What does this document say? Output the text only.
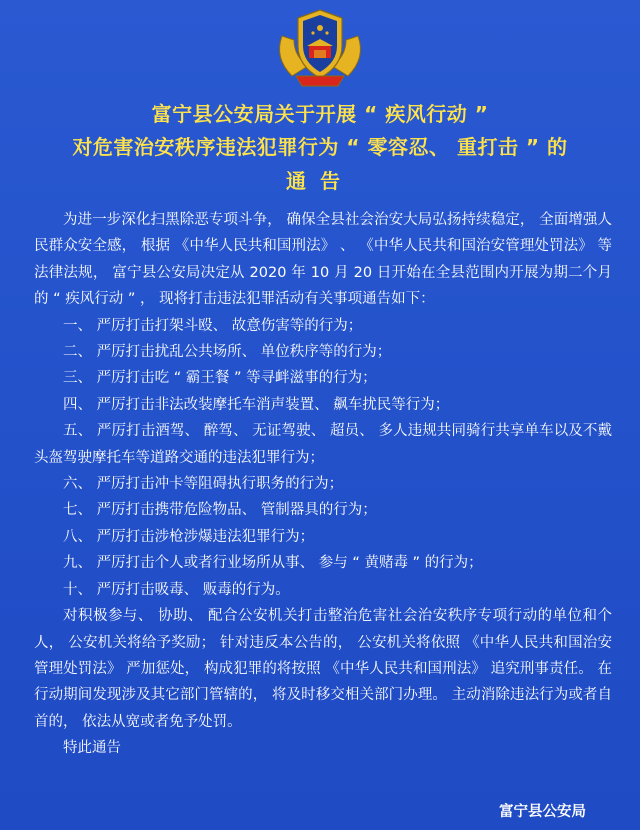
富宁县公安局关于开展 “ 疾风行动 ”
对危害治安秩序违法犯罪行为 “ 零容忍、 重打击 ” 的
通告

为进一步深化扫黑除恶专项斗争， 确保全县社会治安大局弘扬持续稳定， 全面增强人民群众安全感， 根据 《中华人民共和国刑法》 、 《中华人民共和国治安管理处罚法》 等法律法规， 富宁县公安局决定从 2020 年 10 月 20 日开始在全县范围内开展为期二个月的 “ 疾风行动 ” ， 现将打击违法犯罪活动有关事项通告如下：

一、 严厉打击打架斗殴、 故意伤害等的行为；

二、 严厉打击扰乱公共场所、 单位秩序等的行为；

三、 严厉打击吃 “ 霸王餐 ” 等寻衅滋事的行为；

四、 严厉打击非法改装摩托车消声装置、 飙车扰民等行为；

五、 严厉打击酒驾、 醉驾、 无证驾驶、 超员、 多人违规共同骑行共享单车以及不戴头盔驾驶摩托车等道路交通的违法犯罪行为；

六、 严厉打击冲卡等阻碍执行职务的行为；

七、 严厉打击携带危险物品、 管制器具的行为；

八、 严厉打击涉枪涉爆违法犯罪行为；

九、 严厉打击个人或者行业场所从事、 参与 “ 黄赌毒 ” 的行为；

十、 严厉打击吸毒、 贩毒的行为。

对积极参与、 协助、 配合公安机关打击整治危害社会治安秩序专项行动的单位和个人， 公安机关将给予奖励； 针对违反本公告的， 公安机关将依照 《中华人民共和国治安管理处罚法》 严加惩处， 构成犯罪的将按照 《中华人民共和国刑法》 追究刑事责任。 在行动期间发现涉及其它部门管辖的， 将及时移交相关部门办理。 主动消除违法行为或者自首的， 依法从宽或者免予处罚。

特此通告

富宁县公安局
